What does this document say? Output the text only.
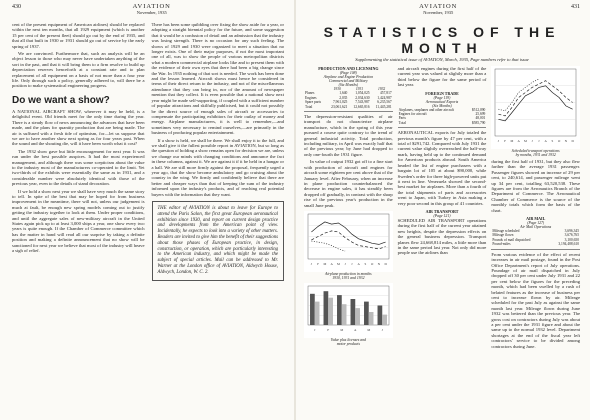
430	AVIATION
November, 1935

cent of the present equipment of American airlines) should be replaced within the next ten months, that all 1929 equipment (which is another 15 per cent of the present fleet) should go out by the end of 1935, and that all that built in 1930 or 1931 should go out of service by the early spring of 1937.

We are convinced. Furthermore that, such an analysis will be an object lesson to those who may never have undertaken anything of the sort in the past, and that it will bring them to a firm resolve to build up depreciation reserves henceforth at a constant rate and to plan replacement of all equipment on a basis of not more than a four year life. Only through such a policy, generally adhered to, will there be a position to make systematical engineering progress.

Do we want a show?

A NATIONAL AIRCRAFT SHOW, wherever it may be held, is a delightful event. Old friends meet for the only time during the year. There is a steady flow of news announcing the advances that have been made, and the plans for quantity production that are being made. The air is suffused with a fresh tide of optimism, for—let us suppose that we are to have another show next spring as for four years past. When the sound and the shouting die, will it have been worth what it cost?

The 1932 show gave but little encouragement for next year. It was run under the best possible auspices. It had the most experienced management, and although there was some scepticism about the value to the industry most of the manufacturers co-operated to the limit. Yet two-thirds of the exhibits were essentially the same as in 1931, and a considerable number were absolutely identical with those of the previous year, even to the details of stand decoration.

If we hold a show next year we shall have very much the same story to tell. In spite of the best that may be hoped for from business improvement in the meantime, there will not, unless our judgement is much at fault, be enough new spring models coming out to justify getting the industry together to look at them. Under proper conditions, and until the aggregate sales of new-military aircraft in the United States again pick up to at least 3,000 ships a year, one show every two years is quite enough. If the Chamber of Commerce committee which has the matter in hand will read all our surprise by taking a definite position and making a definite announcement that no show will be sanctioned for next year we believe that most of the industry will heave a sigh of relief.

There has been some quibbling over fixing the show aside for a year, or adopting a straight biennial policy for the future, and some suggestion that it would be a confusion of detail and an admission that the industry was losing strength. There is no occasion for any such feeling. The shows of 1929 and 1930 were organized to meet a situation that no longer exists. One of their major purposes, if not the most important one of all, was to show the people of various metropolitan districts what a modern commercial airplane looks like and to present them with the evidence of their own eyes that there had been a big change since the War. In 1935 nothing of that sort is needed. The work has been done and the lesson learned. Aircraft shows must hence be considered in terms of their direct return to the industry, and not of the miscellaneous attendance that they can bring in, nor of the amount of newspaper mention that they collect. It is even possible that a national show next year might be made self-supporting, if coupled with a sufficient number of popular attractions and skilfully publicised, but it could not possibly be the direct source of enough sales of aircraft or accessories to compensate the participating exhibitors for their outlay of money and energy. Airplane manufacturers, it is well to remember,—and sometimes very necessary to remind ourselves,—are primarily in the business of producing popular entertainment.

If a show is held, we shall be there. We shall enjoy it to the full, and we shall give it the fullest possible report in AVIATION, but so long as the question of holding a show remains open for decision we are, unless we change our minds with changing conditions and announce the fact in these columns, against it. We are against it if it be held in a hangar or a hall. We are still more firmly against the proposal, frequently urged a year ago, that the show become ambulatory and go cruising about the country in the wing. We firmly and confidently believe that there are better and cheaper ways than that of keeping the sum of the industry informed upon the industry's products, and of reaching real potential buyers with the information that they want.

THE editor of AVIATION is about to leave for Europe to attend the Paris Salon, the first great European aeronautical exhibition since 1930, and report on current design practice and developments from the American point of view. Incidentally, he expects to look into a variety of other matters. Readers are invited to give him the benefit of their suggestions about those phases of European practice, in design, construction, or operation, which are particularly interesting to the American industry, and which might be made the subject of special articles. Mail can be addressed to Mr. Warner at the London office of AVIATION, Aldwych House, Aldwych, London, W. C. 2.

AVIATION
November, 1935
431
STATISTICS OF THE MONTH
Supplementing the statistical issue of AVIATION, March, 1935, Page numbers refer to that issue
PRODUCTION AND LICENSING
(Page 108)
Airplane and Engine Production
Commercial and Military
(Six Months)
	1930	1931	1932
Planes	1,640	1,054,025	457,817
Engines	2,035	2,034,630	1,424,987
Spare parts	7,961,025	7,543,987	6,235,567
Total	23,061,621	12,665,816	11,445,281

The depression-resistant qualities of air transport do not characterize airplane manufacture, which in the spring of this year pursued a course quite contrary to the trend of general industrial activity. Total production, including military, in April was exactly half that of the previous year; by June had dropped to only one-fourth the 1931 figure.

In value of output 1932 got off to a fine start with production of aircraft and engines for aircraft some eighteen per cent above that of the January level. After February, when an increase in plane production counterbalanced the decrease in engine sales, it has steadily been dropped off gradually, in contrast with the sharp rise of the previous year's production in the small June peak.

J F M A M J J A S O N D
Airplane production in months
1930, 1931 and 1932
J	F	M	A	M	J
Value plus licenses and
motor products

and aircraft engines during the first half of the current year was valued at slightly more than a third below the figure for the same period of last year.

FOREIGN TRADE
(Page 119)
Aeronautical Exports
(Six Months)
Airplanes, seaplanes and other aircraft	$512,090
Engines for aircraft	25,699
Parts	48,001
Total	$585,790

AERONAUTICAL exports for July totaled the previous month's figure by 47 per cent, with a total of $291,742. Compared with July 1931 the current value slightly overreached the half-way mark, having held up to the continued demand for American products abroad. South America headed the list of engine purchasers with a bargain lot of 105 at about $90,000, while Sweden's order for three high-powered units put it next in line. Venezuela showed the second-best market for airplanes. More than a fourth of the total shipments of parts and accessories went to Japan, with Turkey in Asia making a very poor second in this group of 41 countries.

AIR TRANSPORT
(Page 121)

SCHEDULED AIR TRANSPORT operations during the first half of the current year attained new heights, despite the depression effects on the general business depression. Transport planes flew 24,668,814 miles, a little more than in the same period last year. Not only did more people use the airlines than

J F M A M J J A S O N D
Scheduled transport operations
by months, 1931 and 1932

during the first half of 1931, but they also flew farther than the average 1931 passenger. Passenger figures showed an increase of 29 per cent, to 240,614, and passenger mileage went up 34 per cent, totalling 63,520,538. These figures are from the Aeronautics Branch of the Department of Commerce. The Aeronautical Chamber of Commerce is the source of the monthly totals which form the basis of the chart.

AIR MAIL
(Page 127)
Air Mail Operations
Mileage scheduled	3,696,345
Mileage flown	3,676,765
Pounds of mail dispatched	3,100,650
Pound-miles	3,194,488,610

From various evidence of the effect of recent increases in air mail postage, found in the Post Office Department's report of July operations. Poundage of air mail dispatched in July dropped off 30 per cent under July 1931 and 22 per cent below the figures for the preceding month, which had been swelled by a rush of belated features as the increase of business per cent to increase flown by air. Mileage scheduled for the past July as against the same month last year. Mileage flown during June 1932 was bettered than the previous year. The gross cost on contractors during July was about a per cent under the 1931 figure and about the same up to the normal 1932 level. Department shortages at the end of the fiscal year left contractors' service to be divided among contractors during June.
